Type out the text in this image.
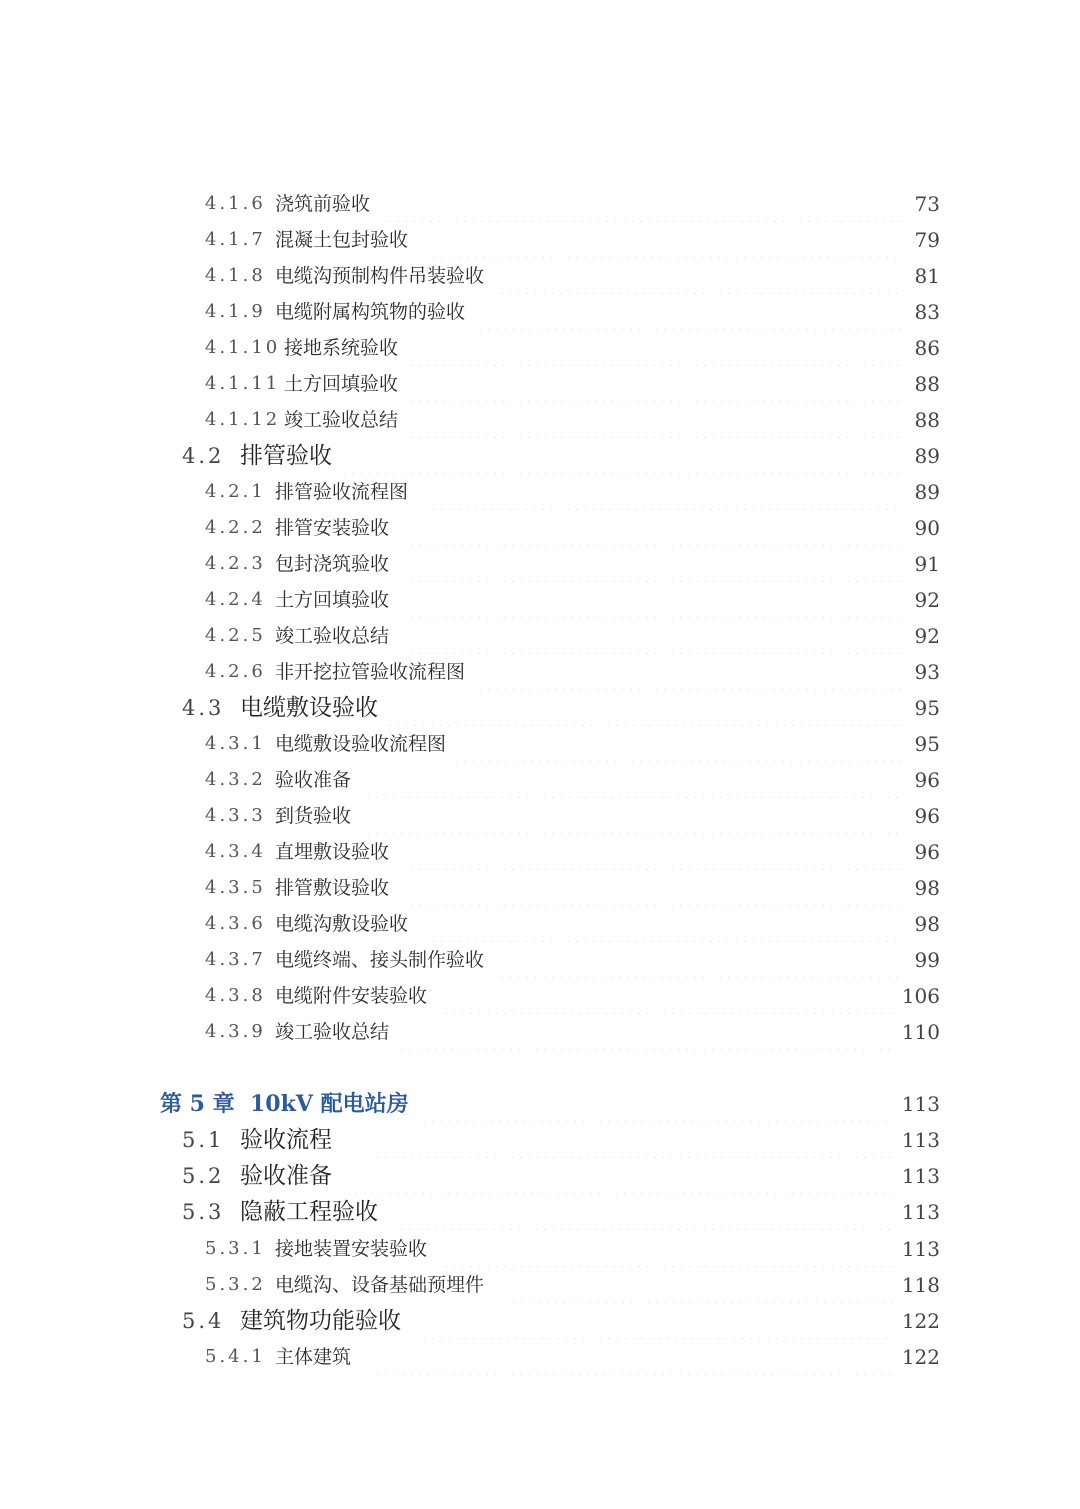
4.1.6 浇筑前验收	73
4.1.7 混凝土包封验收	79
4.1.8 电缆沟预制构件吊装验收	81
4.1.9 电缆附属构筑物的验收	83
4.1.10 接地系统验收	86
4.1.11 土方回填验收	88
4.1.12 竣工验收总结	88
4.2 排管验收	89
4.2.1 排管验收流程图	89
4.2.2 排管安装验收	90
4.2.3 包封浇筑验收	91
4.2.4 土方回填验收	92
4.2.5 竣工验收总结	92
4.2.6 非开挖拉管验收流程图	93
4.3 电缆敷设验收	95
4.3.1 电缆敷设验收流程图	95
4.3.2 验收准备	96
4.3.3 到货验收	96
4.3.4 直埋敷设验收	96
4.3.5 排管敷设验收	98
4.3.6 电缆沟敷设验收	98
4.3.7 电缆终端、接头制作验收	99
4.3.8 电缆附件安装验收	106
4.3.9 竣工验收总结	110
第 5 章 10kV 配电站房	113
5.1 验收流程	113
5.2 验收准备	113
5.3 隐蔽工程验收	113
5.3.1 接地装置安装验收	113
5.3.2 电缆沟、设备基础预埋件	118
5.4 建筑物功能验收	122
5.4.1 主体建筑	122
